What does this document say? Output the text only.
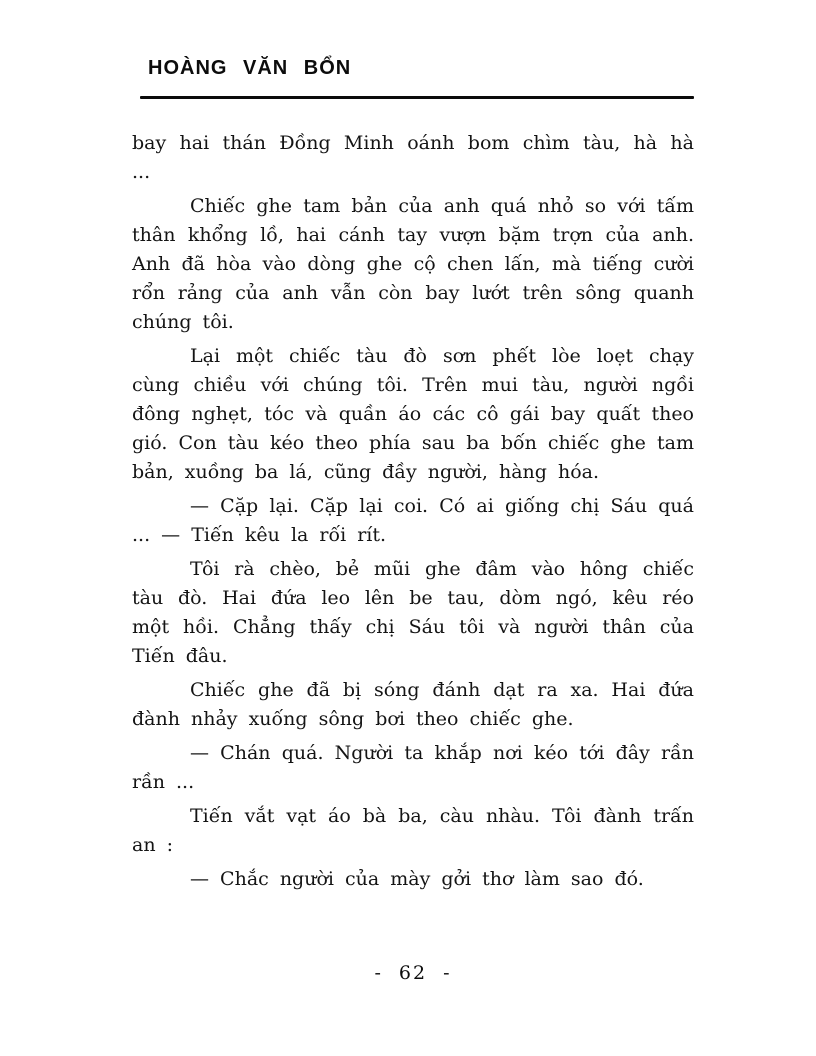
HOÀNG VĂN BỔN

bay hai thán Đồng Minh oánh bom chìm tàu, hà hà ...

Chiếc ghe tam bản của anh quá nhỏ so với tấm thân khổng lồ, hai cánh tay vượn bặm trợn của anh. Anh đã hòa vào dòng ghe cộ chen lấn, mà tiếng cười rổn rảng của anh vẫn còn bay lướt trên sông quanh chúng tôi.

Lại một chiếc tàu đò sơn phết lòe loẹt chạy cùng chiều với chúng tôi. Trên mui tàu, người ngồi đông nghẹt, tóc và quần áo các cô gái bay quất theo gió. Con tàu kéo theo phía sau ba bốn chiếc ghe tam bản, xuồng ba lá, cũng đầy người, hàng hóa.

— Cặp lại. Cặp lại coi. Có ai giống chị Sáu quá ... — Tiến kêu la rối rít.

Tôi rà chèo, bẻ mũi ghe đâm vào hông chiếc tàu đò. Hai đứa leo lên be tau, dòm ngó, kêu réo một hồi. Chẳng thấy chị Sáu tôi và người thân của Tiến đâu.

Chiếc ghe đã bị sóng đánh dạt ra xa. Hai đứa đành nhảy xuống sông bơi theo chiếc ghe.

— Chán quá. Người ta khắp nơi kéo tới đây rần rần ...

Tiến vắt vạt áo bà ba, càu nhàu. Tôi đành trấn an :

— Chắc người của mày gởi thơ làm sao đó.

- 62 -
